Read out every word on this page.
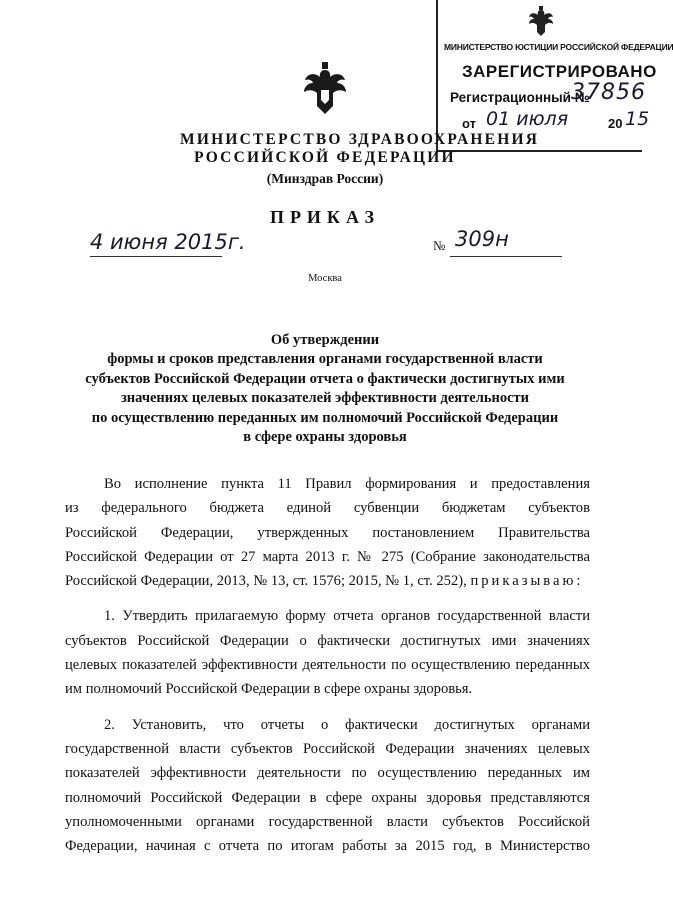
МИНИСТЕРСТВО ЮСТИЦИИ РОССИЙСКОЙ ФЕДЕРАЦИИ
ЗАРЕГИСТРИРОВАНО
Регистрационный №
37856
от 01 июля	20 15
МИНИСТЕРСТВО ЗДРАВООХРАНЕНИЯ
РОССИЙСКОЙ ФЕДЕРАЦИИ
(Минздрав России)
ПРИКАЗ
4 июня 2015г.	№ 309н
Москва
Об утверждении
формы и сроков представления органами государственной власти
субъектов Российской Федерации отчета о фактически достигнутых ими
значениях целевых показателей эффективности деятельности
по осуществлению переданных им полномочий Российской Федерации
в сфере охраны здоровья
Во исполнение пункта 11 Правил формирования и предоставления
из федерального бюджета единой субвенции бюджетам субъектов
Российской Федерации, утвержденных постановлением Правительства
Российской Федерации от 27 марта 2013 г. № 275 (Собрание законодательства
Российской Федерации, 2013, № 13, ст. 1576; 2015, № 1, ст. 252), приказываю:
1. Утвердить прилагаемую форму отчета органов государственной власти
субъектов Российской Федерации о фактически достигнутых ими значениях
целевых показателей эффективности деятельности по осуществлению переданных
им полномочий Российской Федерации в сфере охраны здоровья.
2. Установить, что отчеты о фактически достигнутых органами
государственной власти субъектов Российской Федерации значениях целевых
показателей эффективности деятельности по осуществлению переданных им
полномочий Российской Федерации в сфере охраны здоровья представляются
уполномоченными органами государственной власти субъектов Российской
Федерации, начиная с отчета по итогам работы за 2015 год, в Министерство
